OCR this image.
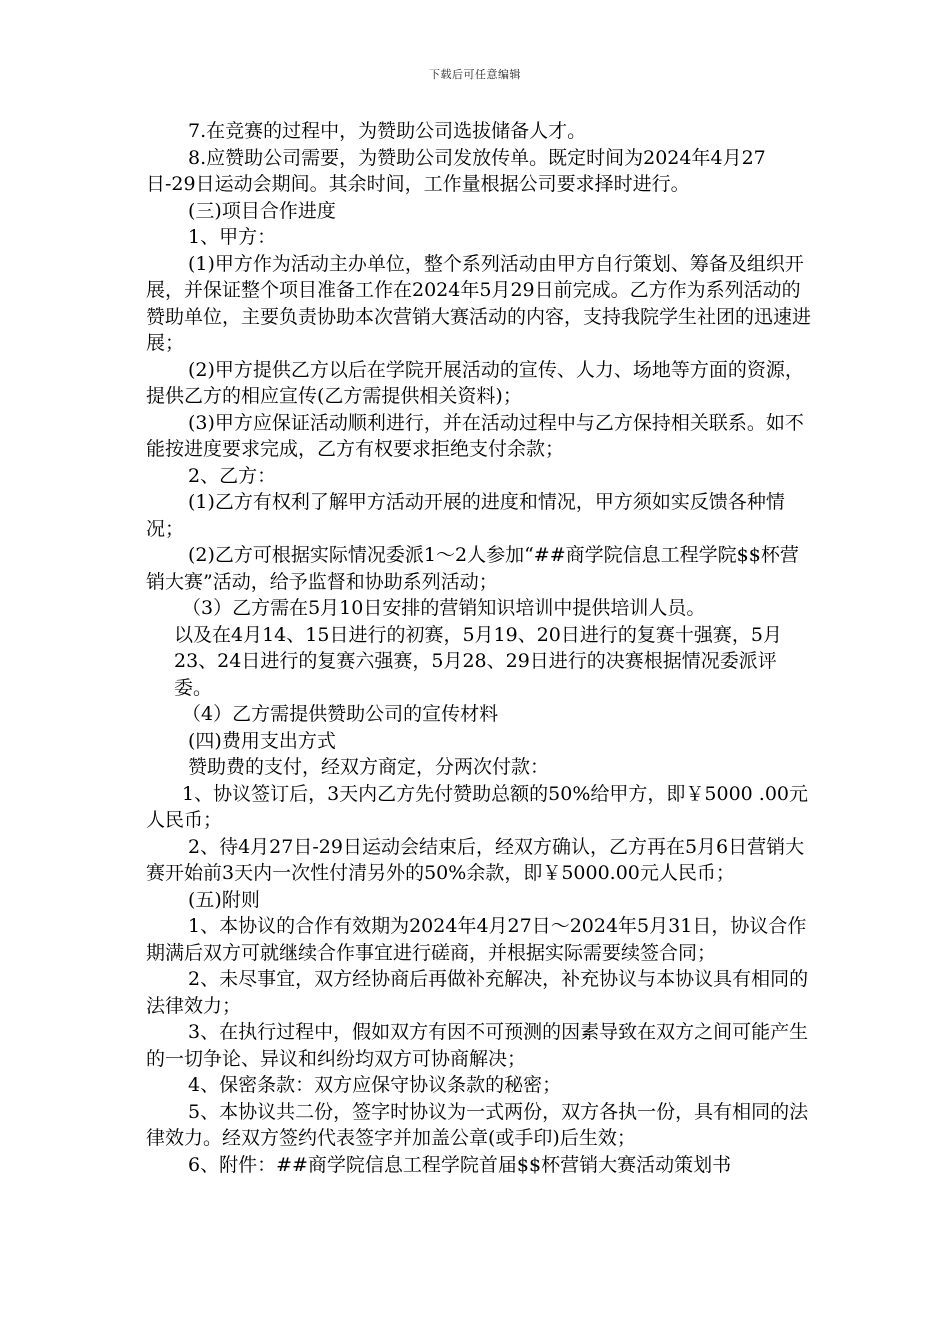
下载后可任意编辑

7.在竞赛的过程中，为赞助公司选拔储备人才。

8.应赞助公司需要，为赞助公司发放传单。既定时间为2024年4月27日-29日运动会期间。其余时间，工作量根据公司要求择时进行。

(三)项目合作进度

1、甲方：

(1)甲方作为活动主办单位，整个系列活动由甲方自行策划、筹备及组织开展，并保证整个项目准备工作在2024年5月29日前完成。乙方作为系列活动的赞助单位，主要负责协助本次营销大赛活动的内容，支持我院学生社团的迅速进展；

(2)甲方提供乙方以后在学院开展活动的宣传、人力、场地等方面的资源，提供乙方的相应宣传(乙方需提供相关资料)；

(3)甲方应保证活动顺利进行，并在活动过程中与乙方保持相关联系。如不能按进度要求完成，乙方有权要求拒绝支付余款；

2、乙方：

(1)乙方有权利了解甲方活动开展的进度和情况，甲方须如实反馈各种情况；

(2)乙方可根据实际情况委派1～2人参加“##商学院信息工程学院$$杯营销大赛”活动，给予监督和协助系列活动；

（3）乙方需在5月10日安排的营销知识培训中提供培训人员。

以及在4月14、15日进行的初赛，5月19、20日进行的复赛十强赛，5月23、24日进行的复赛六强赛，5月28、29日进行的决赛根据情况委派评委。

（4）乙方需提供赞助公司的宣传材料

(四)费用支出方式

赞助费的支付，经双方商定，分两次付款：

1、协议签订后，3天内乙方先付赞助总额的50%给甲方，即￥5000 .00元人民币；

2、待4月27日-29日运动会结束后，经双方确认，乙方再在5月6日营销大赛开始前3天内一次性付清另外的50%余款，即￥5000.00元人民币；

(五)附则

1、本协议的合作有效期为2024年4月27日～2024年5月31日，协议合作期满后双方可就继续合作事宜进行磋商，并根据实际需要续签合同；

2、未尽事宜，双方经协商后再做补充解决，补充协议与本协议具有相同的法律效力；

3、在执行过程中，假如双方有因不可预测的因素导致在双方之间可能产生的一切争论、异议和纠纷均双方可协商解决；

4、保密条款：双方应保守协议条款的秘密；

5、本协议共二份，签字时协议为一式两份，双方各执一份，具有相同的法律效力。经双方签约代表签字并加盖公章(或手印)后生效；

6、附件：##商学院信息工程学院首届$$杯营销大赛活动策划书
